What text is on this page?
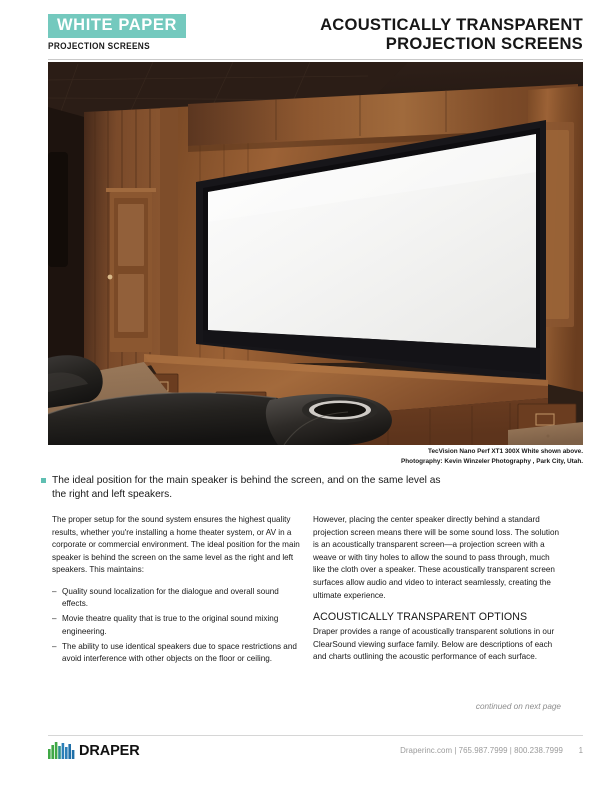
WHITE PAPER
PROJECTION SCREENS
ACOUSTICALLY TRANSPARENT
PROJECTION SCREENS
TecVision Nano Perf XT1 300X White shown above.
Photography: Kevin Winzeler Photography , Park City, Utah.
The ideal position for the main speaker is behind the screen, and on the same level as the right and left speakers.

The proper setup for the sound system ensures the highest quality results, whether you're installing a home theater system, or AV in a corporate or commercial environment. The ideal position for the main speaker is behind the screen on the same level as the right and left speakers. This maintains:

– Quality sound localization for the dialogue and overall sound effects.
– Movie theatre quality that is true to the original sound mixing engineering.
– The ability to use identical speakers due to space restrictions and avoid interference with other objects on the floor or ceiling.

However, placing the center speaker directly behind a standard projection screen means there will be some sound loss. The solution is an acoustically transparent screen—a projection screen with a weave or with tiny holes to allow the sound to pass through, much like the cloth over a speaker. These acoustically transparent screen surfaces allow audio and video to interact seamlessly, creating the ultimate experience.

ACOUSTICALLY TRANSPARENT OPTIONS

Draper provides a range of acoustically transparent solutions in our ClearSound viewing surface family. Below are descriptions of each and charts outlining the acoustic performance of each surface.

continued on next page
DRAPER	Draperinc.com | 765.987.7999 | 800.238.7999 1
